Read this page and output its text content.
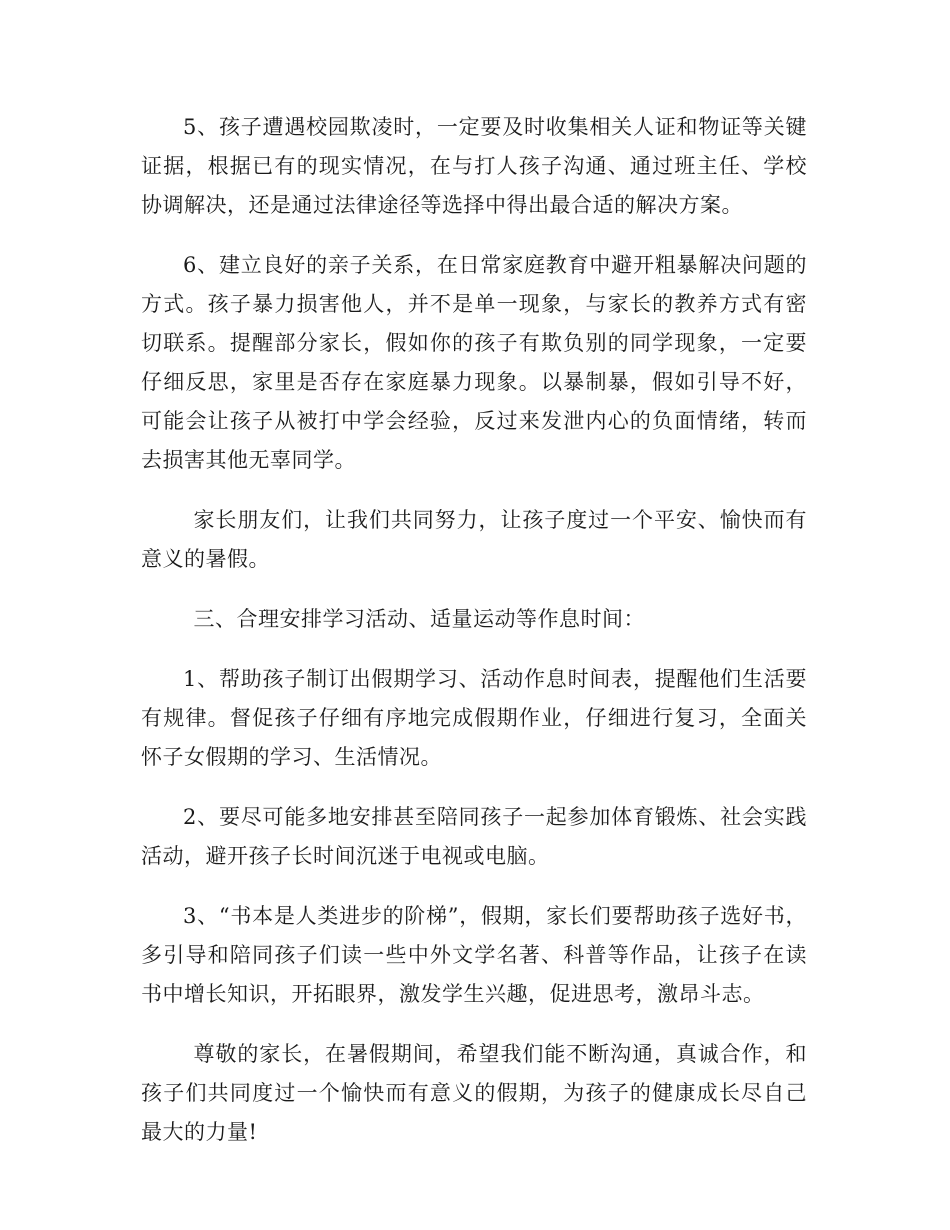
5、孩子遭遇校园欺凌时，一定要及时收集相关人证和物证等关键证据，根据已有的现实情况，在与打人孩子沟通、通过班主任、学校协调解决，还是通过法律途径等选择中得出最合适的解决方案。

6、建立良好的亲子关系，在日常家庭教育中避开粗暴解决问题的方式。孩子暴力损害他人，并不是单一现象，与家长的教养方式有密切联系。提醒部分家长，假如你的孩子有欺负别的同学现象，一定要仔细反思，家里是否存在家庭暴力现象。以暴制暴，假如引导不好，可能会让孩子从被打中学会经验，反过来发泄内心的负面情绪，转而去损害其他无辜同学。

家长朋友们，让我们共同努力，让孩子度过一个平安、愉快而有意义的暑假。

三、合理安排学习活动、适量运动等作息时间：

1、帮助孩子制订出假期学习、活动作息时间表，提醒他们生活要有规律。督促孩子仔细有序地完成假期作业，仔细进行复习，全面关怀子女假期的学习、生活情况。

2、要尽可能多地安排甚至陪同孩子一起参加体育锻炼、社会实践活动，避开孩子长时间沉迷于电视或电脑。

3、“书本是人类进步的阶梯”，假期，家长们要帮助孩子选好书，多引导和陪同孩子们读一些中外文学名著、科普等作品，让孩子在读书中增长知识，开拓眼界，激发学生兴趣，促进思考，激昂斗志。

尊敬的家长，在暑假期间，希望我们能不断沟通，真诚合作，和孩子们共同度过一个愉快而有意义的假期，为孩子的健康成长尽自己最大的力量!
